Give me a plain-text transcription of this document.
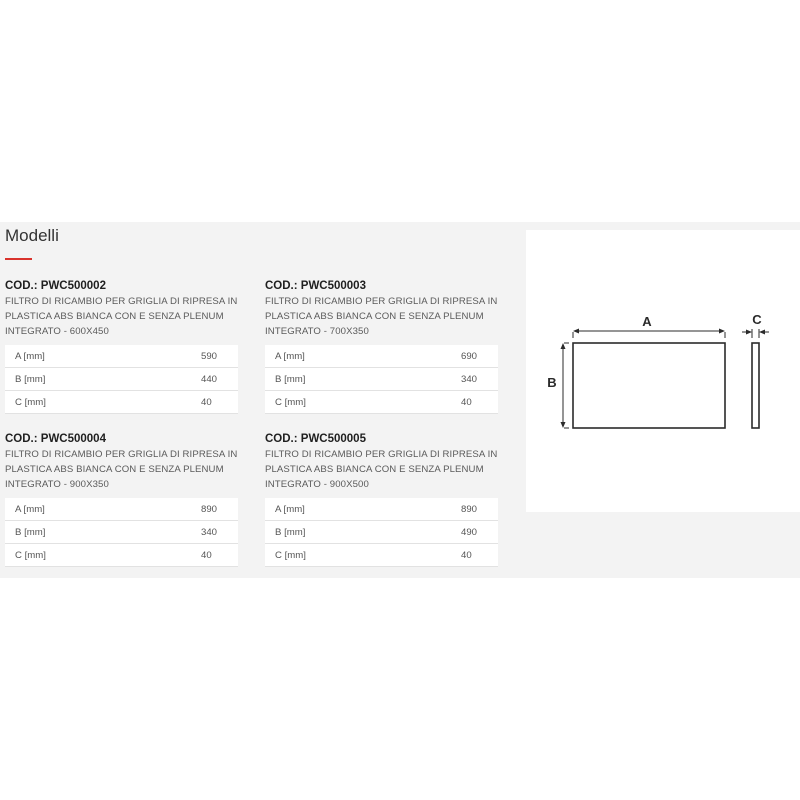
Modelli
COD.: PWC500002
FILTRO DI RICAMBIO PER GRIGLIA DI RIPRESA IN PLASTICA ABS BIANCA CON E SENZA PLENUM INTEGRATO - 600X450
A [mm]	590
B [mm]	440
C [mm]	40
COD.: PWC500003
FILTRO DI RICAMBIO PER GRIGLIA DI RIPRESA IN PLASTICA ABS BIANCA CON E SENZA PLENUM INTEGRATO - 700X350
A [mm]	690
B [mm]	340
C [mm]	40
COD.: PWC500004
FILTRO DI RICAMBIO PER GRIGLIA DI RIPRESA IN PLASTICA ABS BIANCA CON E SENZA PLENUM INTEGRATO - 900X350
A [mm]	890
B [mm]	340
C [mm]	40
COD.: PWC500005
FILTRO DI RICAMBIO PER GRIGLIA DI RIPRESA IN PLASTICA ABS BIANCA CON E SENZA PLENUM INTEGRATO - 900X500
A [mm]	890
B [mm]	490
C [mm]	40
A
B
C
